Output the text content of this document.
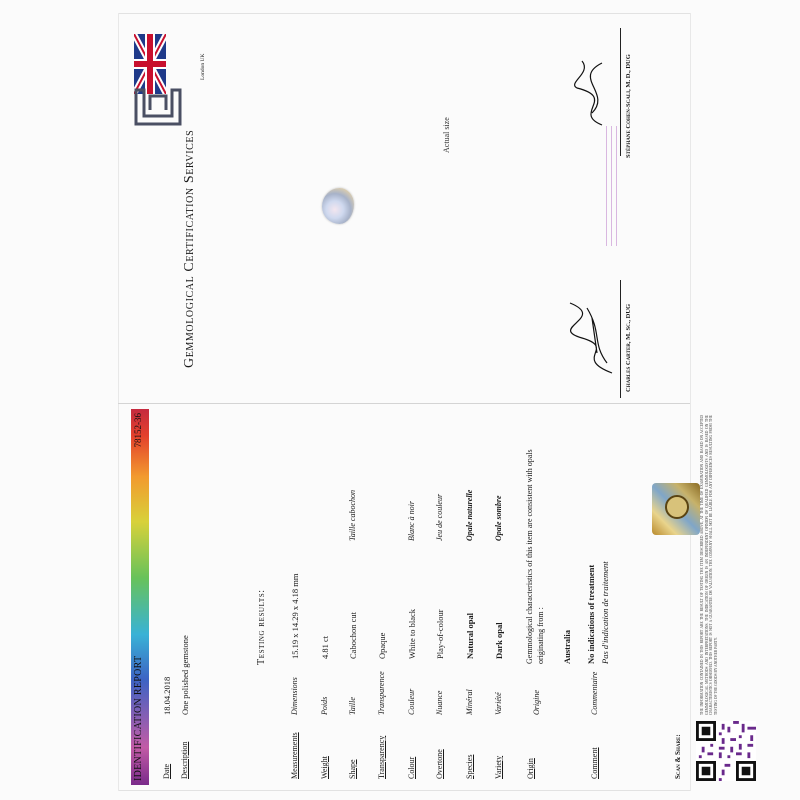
Gemmological Certification Services
London UK
Actual size
Charles Carter, M. Sc., DUG
Stéphane Cohen-Scali, M. D., DUG
IDENTIFICATION REPORT
78152-36
Date
18.04.2018
Description
One polished gemstone
Testing results:
Measurements
Dimensions
15.19 x 14.29 x 4.18 mm
Weight
Poids
4.81 ct
Shape
Taille
Cabochon cut
Taille cabochon
Transparency
Transparence
Opaque
Colour
Couleur
White to black
Blanc à noir
Overtone
Nuance
Play-of-colour
Jeu de couleur
Species
Minéral
Natural opal
Opale naturelle
Variety
Variété
Dark opal
Opale sombre
Origin
Origine
Gemmological characteristics of this item are consistent with opals originating from : Australia
Comment
Commentaire
No indications of treatment Pas d'indication de traitement
Scan & Share:
THE INFORMATION CONTAINED IN THIS REPORT ARE THE RESULT OF TESTING THE ITEM DESCRIBED ABOVE, AT THE TIME OF EXAMINATION AND BASED ON ACCEPTED GEMMOLOGICAL METHODS AND INTERPRETATIONS. THE INDICATION OF ORIGIN IS AN INDEPENDENT OPINION OF QUALIFIED GEMMOLOGISTS AND IS BASED ON THE CHARACTERISTICS OBSERVED. THIS REPORT IS NOT A GUARANTEE OR VALUATION. THE COMPANY SHALL NOT BE LIABLE FOR ANY DIFFERENCES RESULTING FROM THE TESTING OF THE GOODS BY ANOTHER PARTY.
